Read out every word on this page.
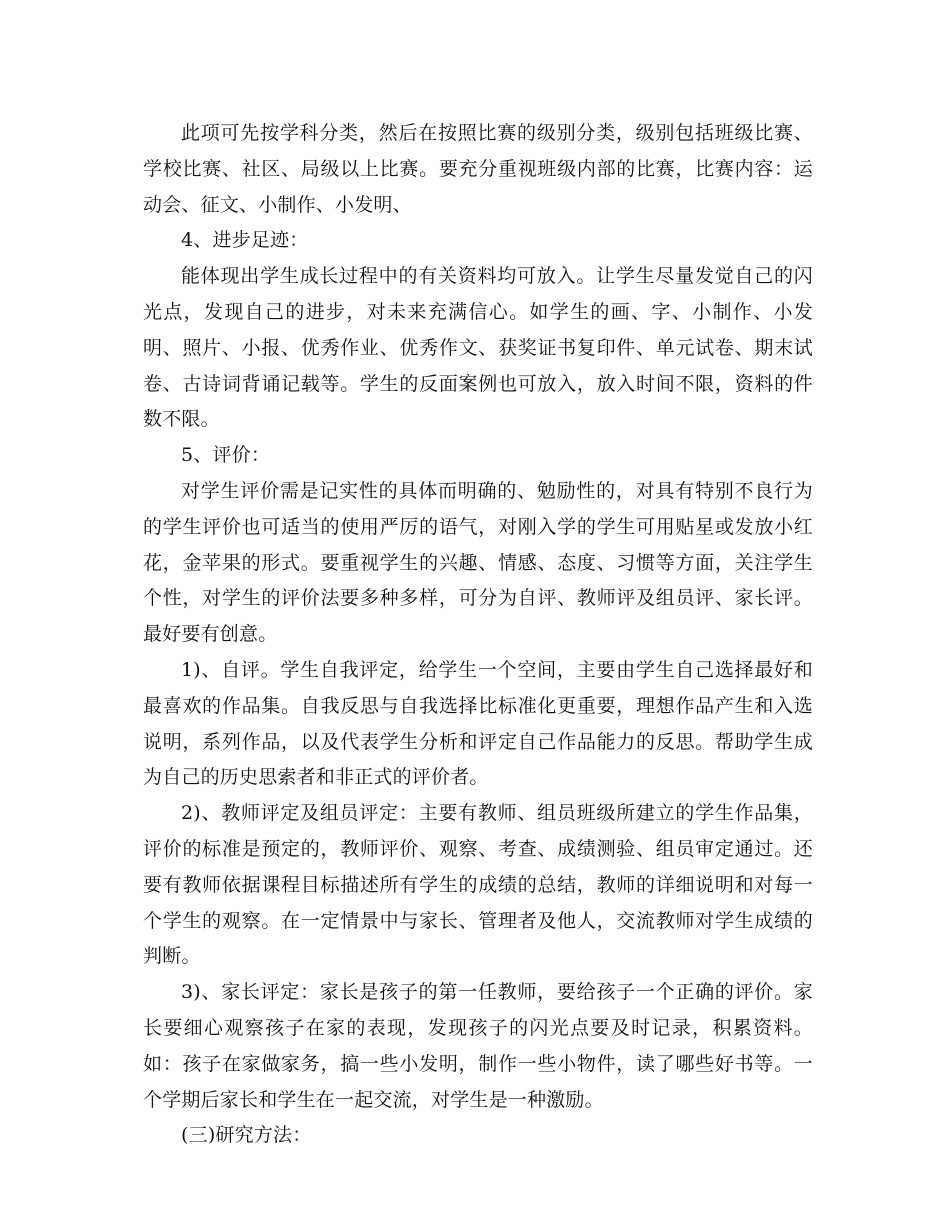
此项可先按学科分类，然后在按照比赛的级别分类，级别包括班级比赛、学校比赛、社区、局级以上比赛。要充分重视班级内部的比赛，比赛内容：运动会、征文、小制作、小发明、

4、进步足迹：

能体现出学生成长过程中的有关资料均可放入。让学生尽量发觉自己的闪光点，发现自己的进步，对未来充满信心。如学生的画、字、小制作、小发明、照片、小报、优秀作业、优秀作文、获奖证书复印件、单元试卷、期末试卷、古诗词背诵记载等。学生的反面案例也可放入，放入时间不限，资料的件数不限。

5、评价：

对学生评价需是记实性的具体而明确的、勉励性的，对具有特别不良行为的学生评价也可适当的使用严厉的语气，对刚入学的学生可用贴星或发放小红花，金苹果的形式。要重视学生的兴趣、情感、态度、习惯等方面，关注学生个性，对学生的评价法要多种多样，可分为自评、教师评及组员评、家长评。最好要有创意。

1)、自评。学生自我评定，给学生一个空间，主要由学生自己选择最好和最喜欢的作品集。自我反思与自我选择比标准化更重要，理想作品产生和入选说明，系列作品，以及代表学生分析和评定自己作品能力的反思。帮助学生成为自己的历史思索者和非正式的评价者。

2)、教师评定及组员评定：主要有教师、组员班级所建立的学生作品集，评价的标准是预定的，教师评价、观察、考查、成绩测验、组员审定通过。还要有教师依据课程目标描述所有学生的成绩的总结，教师的详细说明和对每一个学生的观察。在一定情景中与家长、管理者及他人，交流教师对学生成绩的判断。

3)、家长评定：家长是孩子的第一任教师，要给孩子一个正确的评价。家长要细心观察孩子在家的表现，发现孩子的闪光点要及时记录，积累资料。如：孩子在家做家务，搞一些小发明，制作一些小物件，读了哪些好书等。一个学期后家长和学生在一起交流，对学生是一种激励。

(三)研究方法：
